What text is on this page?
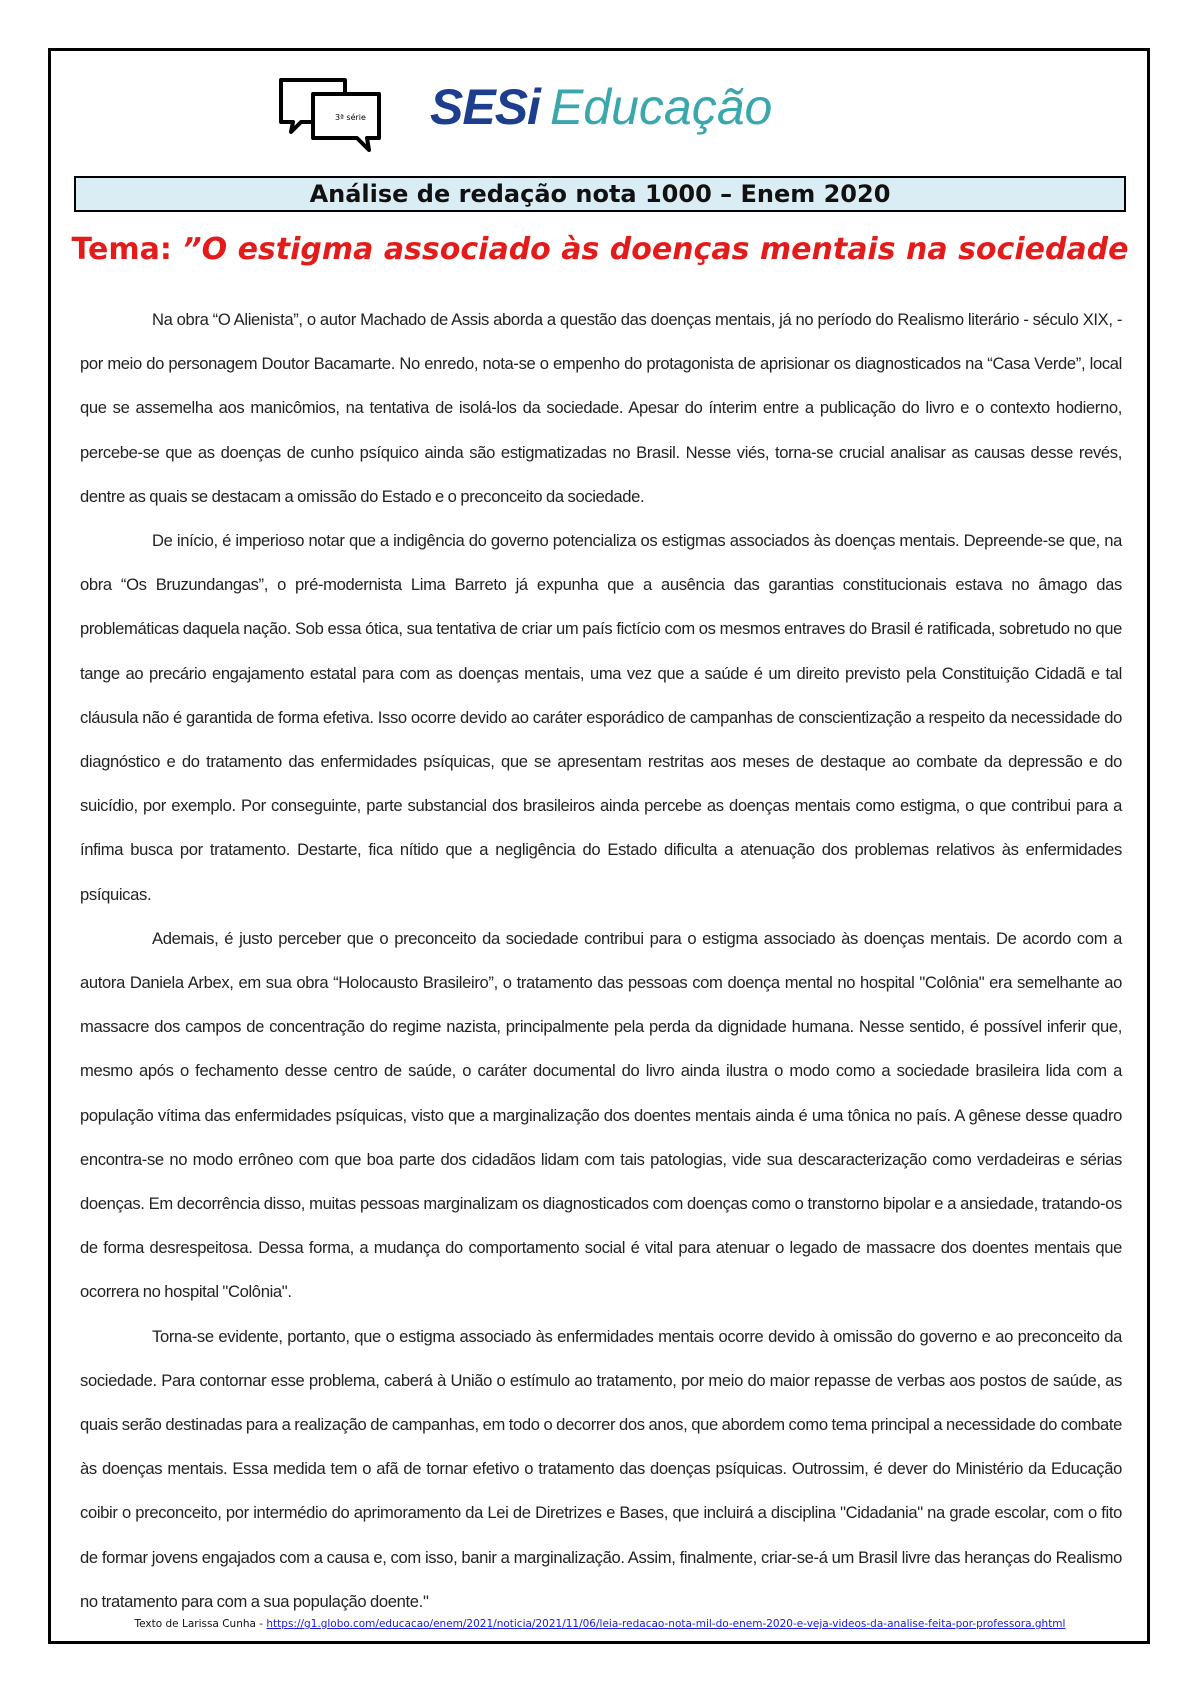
3ª série SESi Educação
Análise de redação nota 1000 – Enem 2020
Tema: ”O estigma associado às doenças mentais na sociedade

Na obra “O Alienista”, o autor Machado de Assis aborda a questão das doenças mentais, já no período do Realismo literário - século XIX, - por meio do personagem Doutor Bacamarte. No enredo, nota-se o empenho do protagonista de aprisionar os diagnosticados na “Casa Verde”, local que se assemelha aos manicômios, na tentativa de isolá-los da sociedade. Apesar do ínterim entre a publicação do livro e o contexto hodierno, percebe-se que as doenças de cunho psíquico ainda são estigmatizadas no Brasil. Nesse viés, torna-se crucial analisar as causas desse revés, dentre as quais se destacam a omissão do Estado e o preconceito da sociedade.

De início, é imperioso notar que a indigência do governo potencializa os estigmas associados às doenças mentais. Depreende-se que, na obra “Os Bruzundangas”, o pré-modernista Lima Barreto já expunha que a ausência das garantias constitucionais estava no âmago das problemáticas daquela nação. Sob essa ótica, sua tentativa de criar um país fictício com os mesmos entraves do Brasil é ratificada, sobretudo no que tange ao precário engajamento estatal para com as doenças mentais, uma vez que a saúde é um direito previsto pela Constituição Cidadã e tal cláusula não é garantida de forma efetiva. Isso ocorre devido ao caráter esporádico de campanhas de conscientização a respeito da necessidade do diagnóstico e do tratamento das enfermidades psíquicas, que se apresentam restritas aos meses de destaque ao combate da depressão e do suicídio, por exemplo. Por conseguinte, parte substancial dos brasileiros ainda percebe as doenças mentais como estigma, o que contribui para a ínfima busca por tratamento. Destarte, fica nítido que a negligência do Estado dificulta a atenuação dos problemas relativos às enfermidades psíquicas.

Ademais, é justo perceber que o preconceito da sociedade contribui para o estigma associado às doenças mentais. De acordo com a autora Daniela Arbex, em sua obra “Holocausto Brasileiro”, o tratamento das pessoas com doença mental no hospital "Colônia" era semelhante ao massacre dos campos de concentração do regime nazista, principalmente pela perda da dignidade humana. Nesse sentido, é possível inferir que, mesmo após o fechamento desse centro de saúde, o caráter documental do livro ainda ilustra o modo como a sociedade brasileira lida com a população vítima das enfermidades psíquicas, visto que a marginalização dos doentes mentais ainda é uma tônica no país. A gênese desse quadro encontra-se no modo errôneo com que boa parte dos cidadãos lidam com tais patologias, vide sua descaracterização como verdadeiras e sérias doenças. Em decorrência disso, muitas pessoas marginalizam os diagnosticados com doenças como o transtorno bipolar e a ansiedade, tratando-os de forma desrespeitosa. Dessa forma, a mudança do comportamento social é vital para atenuar o legado de massacre dos doentes mentais que ocorrera no hospital "Colônia".

Torna-se evidente, portanto, que o estigma associado às enfermidades mentais ocorre devido à omissão do governo e ao preconceito da sociedade. Para contornar esse problema, caberá à União o estímulo ao tratamento, por meio do maior repasse de verbas aos postos de saúde, as quais serão destinadas para a realização de campanhas, em todo o decorrer dos anos, que abordem como tema principal a necessidade do combate às doenças mentais. Essa medida tem o afã de tornar efetivo o tratamento das doenças psíquicas. Outrossim, é dever do Ministério da Educação coibir o preconceito, por intermédio do aprimoramento da Lei de Diretrizes e Bases, que incluirá a disciplina "Cidadania" na grade escolar, com o fito de formar jovens engajados com a causa e, com isso, banir a marginalização. Assim, finalmente, criar-se-á um Brasil livre das heranças do Realismo no tratamento para com a sua população doente."

Texto de Larissa Cunha - https://g1.globo.com/educacao/enem/2021/noticia/2021/11/06/leia-redacao-nota-mil-do-enem-2020-e-veja-videos-da-analise-feita-por-professora.ghtml
